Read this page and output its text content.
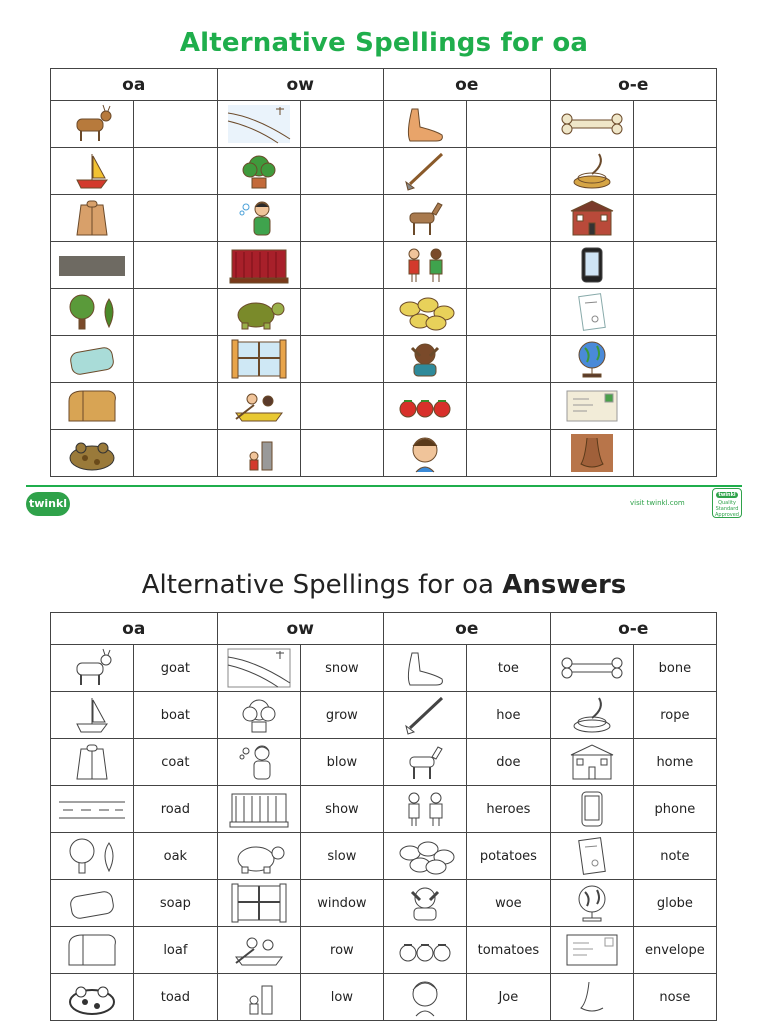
Alternative Spellings for oa
oa		ow		oe		o-e	

twinkl	visit twinkl.com
twinkl
Quality Standard Approved
Alternative Spellings for oa Answers
oa		ow		oe		o-e	

	goat		snow		toe		bone

	boat		grow		hoe		rope

	coat		blow		doe		home

	road		show		heroes		phone

	oak		slow		potatoes		note

	soap		window		woe		globe

	loaf		row		tomatoes		envelope

	toad		low		Joe		nose
